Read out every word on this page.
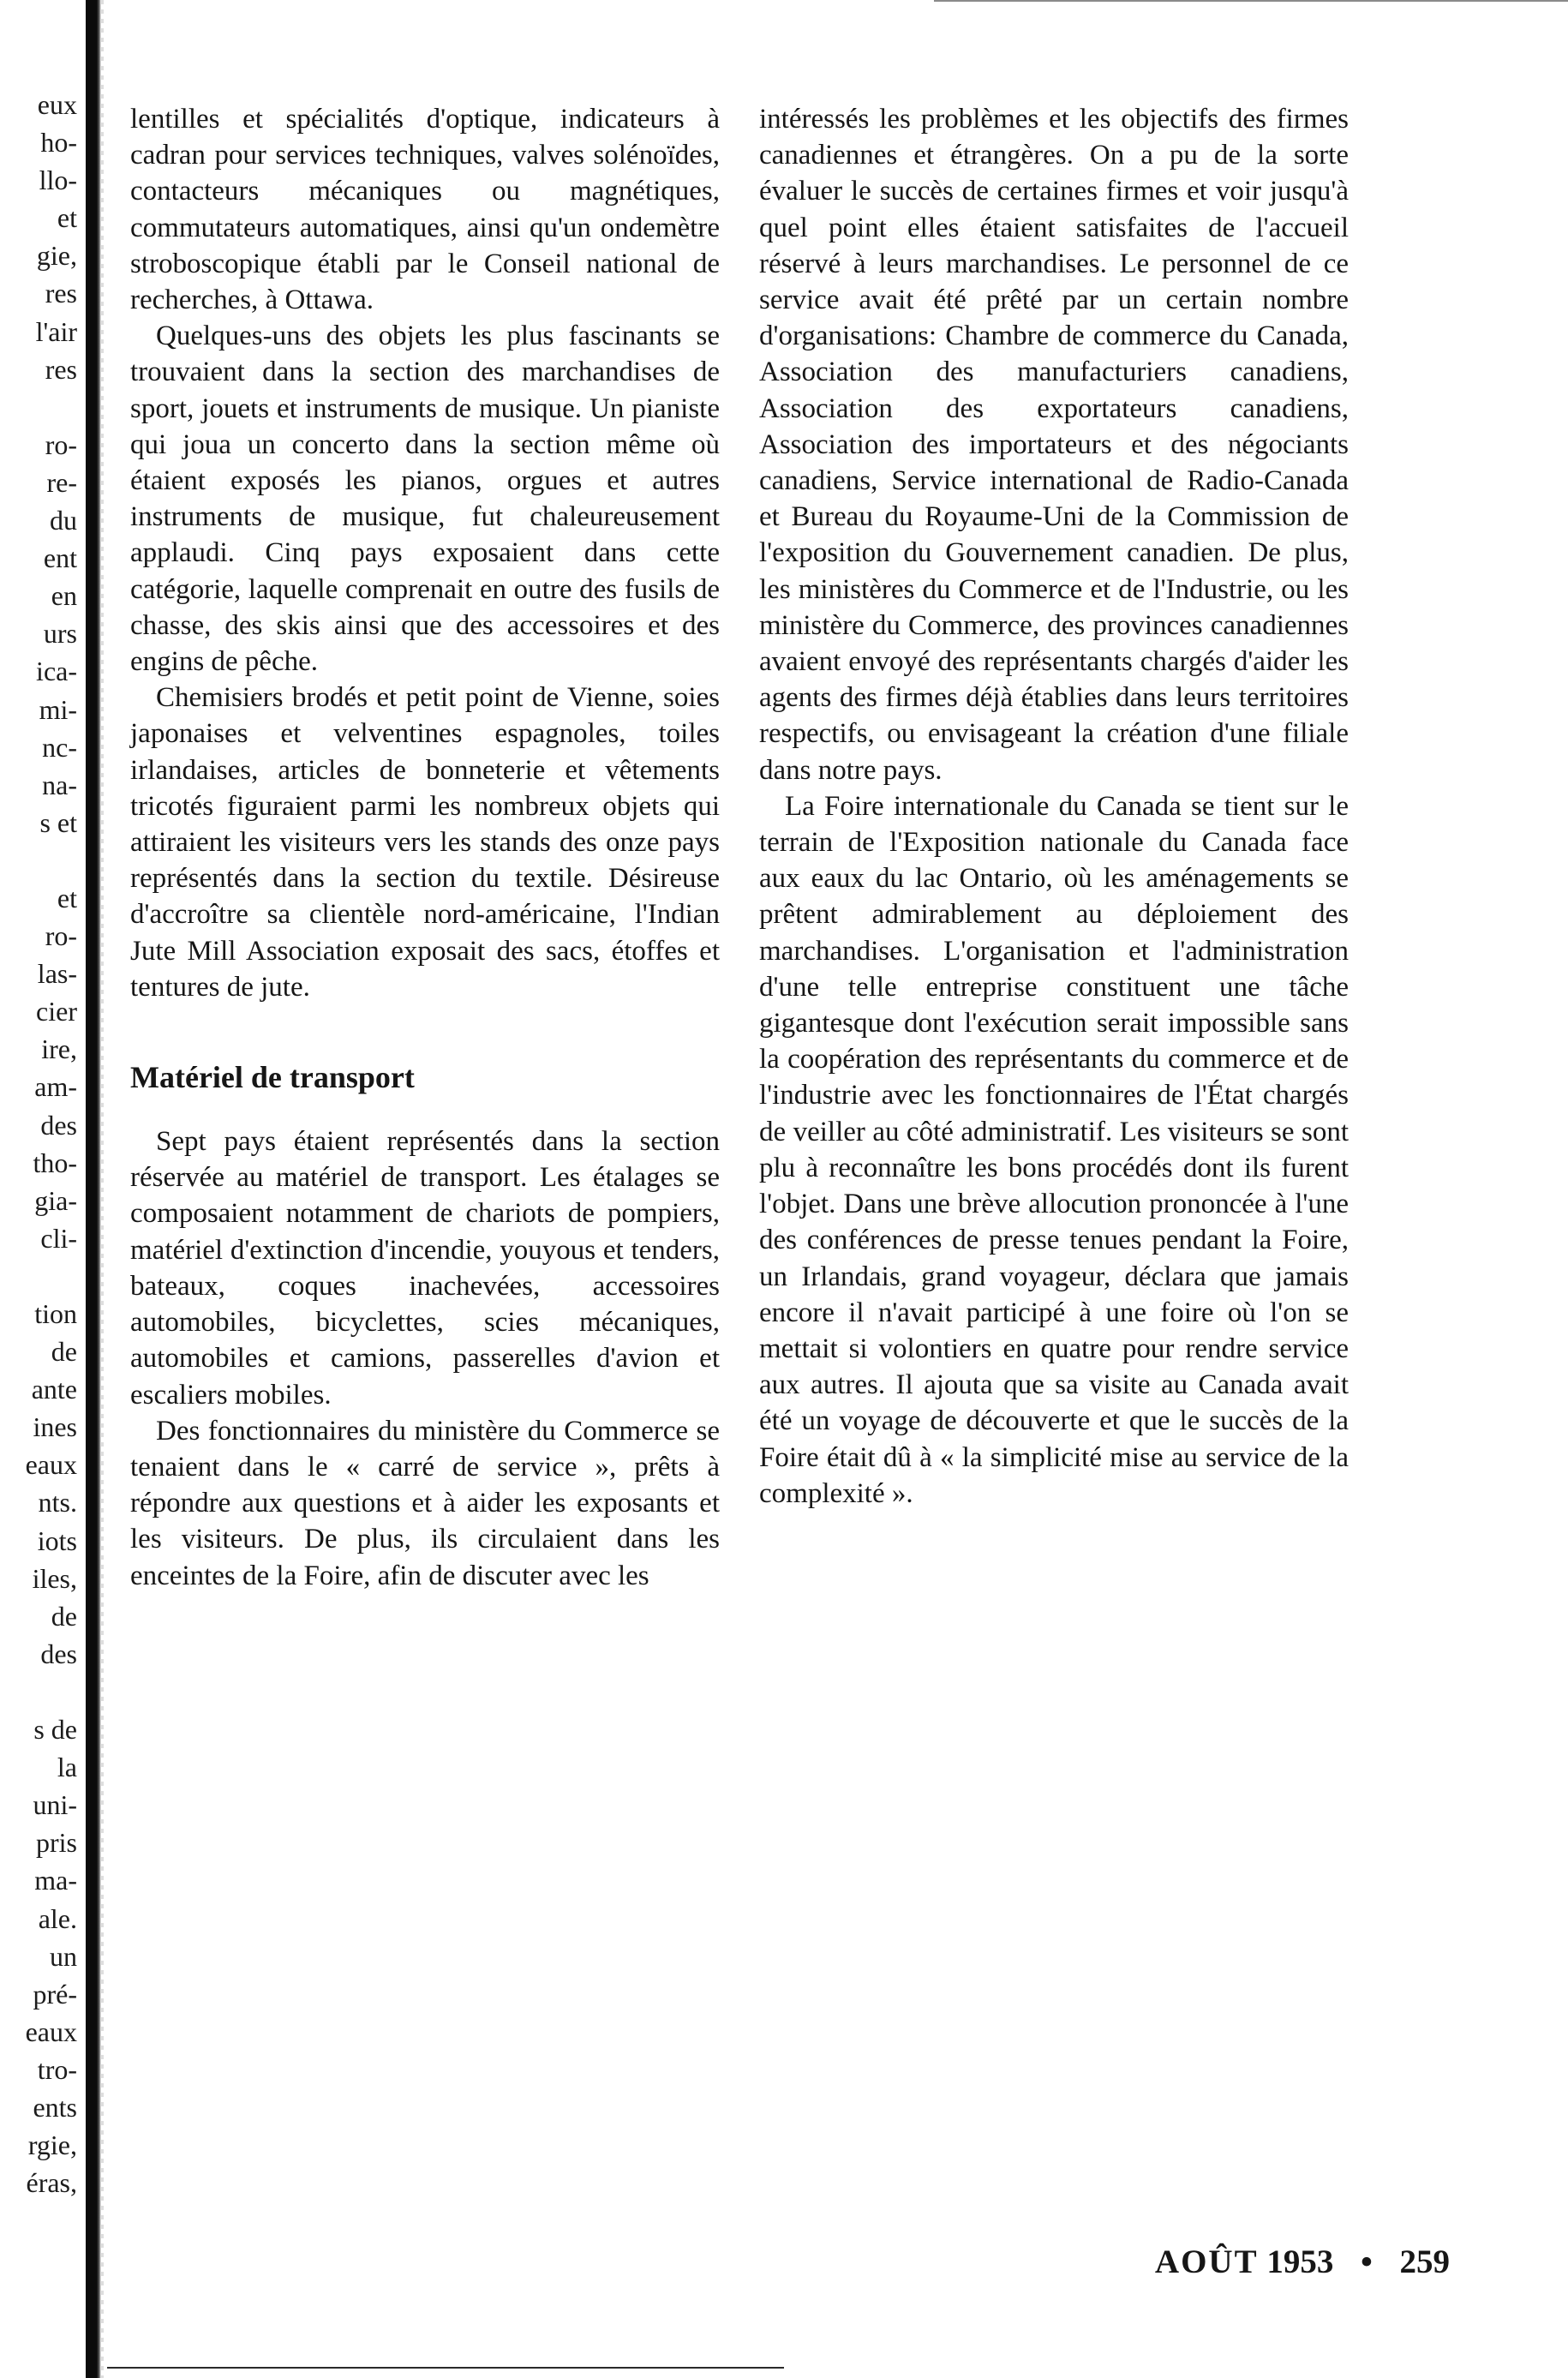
eux
ho-
llo-
et
gie,
res
l'air
res
ro-
re-
du
ent
en
urs
ica-
mi-
nc-
na-
s et
et
ro-
las-
cier
ire,
am-
des
tho-
gia-
cli-
tion
de
ante
ines
eaux
nts.
iots
iles,
de
des
s de
la
uni-
pris
ma-
ale.
un
pré-
eaux
tro-
ents
rgie,
éras,

lentilles et spécialités d'optique, indicateurs à cadran pour services techniques, valves solénoïdes, contacteurs mécaniques ou magnétiques, commutateurs automatiques, ainsi qu'un ondemètre stroboscopique établi par le Conseil national de recherches, à Ottawa.

Quelques-uns des objets les plus fascinants se trouvaient dans la section des marchandises de sport, jouets et instruments de musique. Un pianiste qui joua un concerto dans la section même où étaient exposés les pianos, orgues et autres instruments de musique, fut chaleureusement applaudi. Cinq pays exposaient dans cette catégorie, laquelle comprenait en outre des fusils de chasse, des skis ainsi que des accessoires et des engins de pêche.

Chemisiers brodés et petit point de Vienne, soies japonaises et velventines espagnoles, toiles irlandaises, articles de bonneterie et vêtements tricotés figuraient parmi les nombreux objets qui attiraient les visiteurs vers les stands des onze pays représentés dans la section du textile. Désireuse d'accroître sa clientèle nord-américaine, l'Indian Jute Mill Association exposait des sacs, étoffes et tentures de jute.

Matériel de transport

Sept pays étaient représentés dans la section réservée au matériel de transport. Les étalages se composaient notamment de chariots de pompiers, matériel d'extinction d'incendie, youyous et tenders, bateaux, coques inachevées, accessoires automobiles, bicyclettes, scies mécaniques, automobiles et camions, passerelles d'avion et escaliers mobiles.

Des fonctionnaires du ministère du Commerce se tenaient dans le « carré de service », prêts à répondre aux questions et à aider les exposants et les visiteurs. De plus, ils circulaient dans les enceintes de la Foire, afin de discuter avec les

intéressés les problèmes et les objectifs des firmes canadiennes et étrangères. On a pu de la sorte évaluer le succès de certaines firmes et voir jusqu'à quel point elles étaient satisfaites de l'accueil réservé à leurs marchandises. Le personnel de ce service avait été prêté par un certain nombre d'organisations: Chambre de commerce du Canada, Association des manufacturiers canadiens, Association des exportateurs canadiens, Association des importateurs et des négociants canadiens, Service international de Radio-Canada et Bureau du Royaume-Uni de la Commission de l'exposition du Gouvernement canadien. De plus, les ministères du Commerce et de l'Industrie, ou les ministère du Commerce, des provinces canadiennes avaient envoyé des représentants chargés d'aider les agents des firmes déjà établies dans leurs territoires respectifs, ou envisageant la création d'une filiale dans notre pays.

La Foire internationale du Canada se tient sur le terrain de l'Exposition nationale du Canada face aux eaux du lac Ontario, où les aménagements se prêtent admirablement au déploiement des marchandises. L'organisation et l'administration d'une telle entreprise constituent une tâche gigantesque dont l'exécution serait impossible sans la coopération des représentants du commerce et de l'industrie avec les fonctionnaires de l'État chargés de veiller au côté administratif. Les visiteurs se sont plu à reconnaître les bons procédés dont ils furent l'objet. Dans une brève allocution prononcée à l'une des conférences de presse tenues pendant la Foire, un Irlandais, grand voyageur, déclara que jamais encore il n'avait participé à une foire où l'on se mettait si volontiers en quatre pour rendre service aux autres. Il ajouta que sa visite au Canada avait été un voyage de découverte et que le succès de la Foire était dû à « la simplicité mise au service de la complexité ».

AOÛT 1953 • 259
